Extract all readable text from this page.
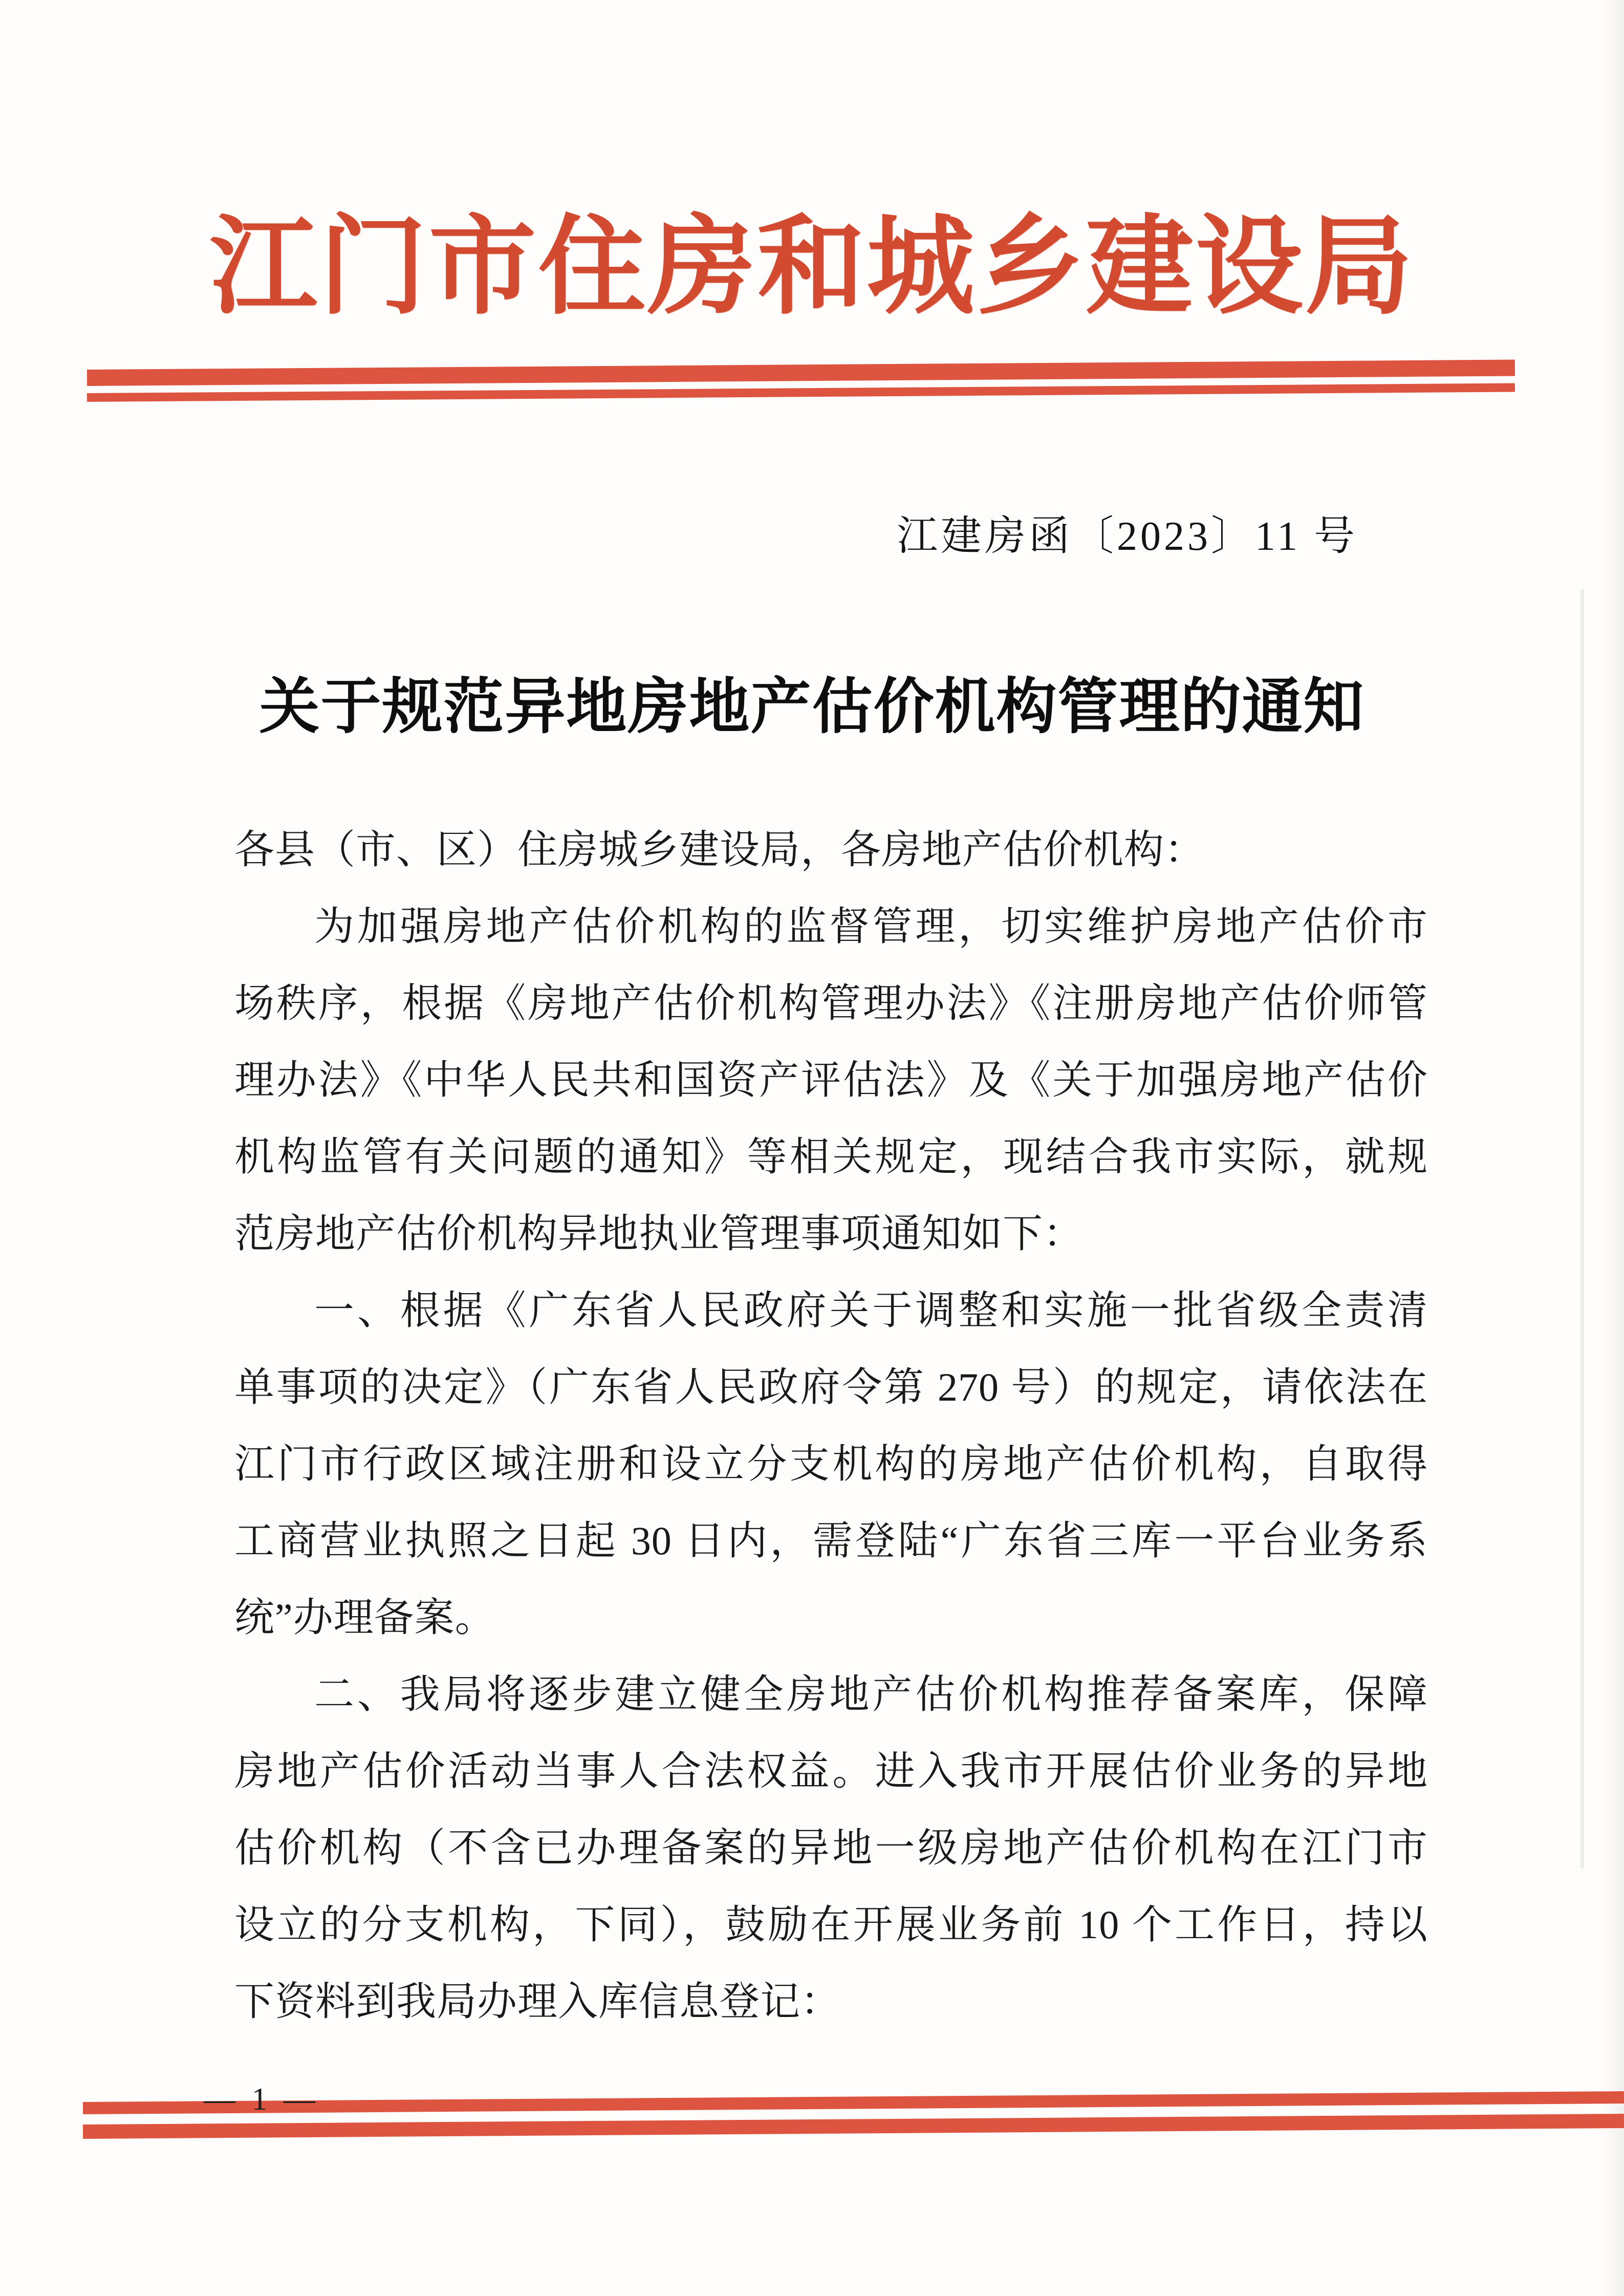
江门市住房和城乡建设局
江建房函〔2023〕11 号
关于规范异地房地产估价机构管理的通知
各县（市、区）住房城乡建设局，各房地产估价机构：
为加强房地产估价机构的监督管理，切实维护房地产估价市
场秩序，根据《房地产估价机构管理办法》《注册房地产估价师管
理办法》《中华人民共和国资产评估法》及《关于加强房地产估价
机构监管有关问题的通知》等相关规定，现结合我市实际，就规
范房地产估价机构异地执业管理事项通知如下：
一、根据《广东省人民政府关于调整和实施一批省级全责清
单事项的决定》（广东省人民政府令第 270 号）的规定，请依法在
江门市行政区域注册和设立分支机构的房地产估价机构，自取得
工商营业执照之日起 30 日内，需登陆“广东省三库一平台业务系
统”办理备案。
二、我局将逐步建立健全房地产估价机构推荐备案库，保障
房地产估价活动当事人合法权益。进入我市开展估价业务的异地
估价机构（不含已办理备案的异地一级房地产估价机构在江门市
设立的分支机构，下同），鼓励在开展业务前 10 个工作日，持以
下资料到我局办理入库信息登记：
— 1 —
